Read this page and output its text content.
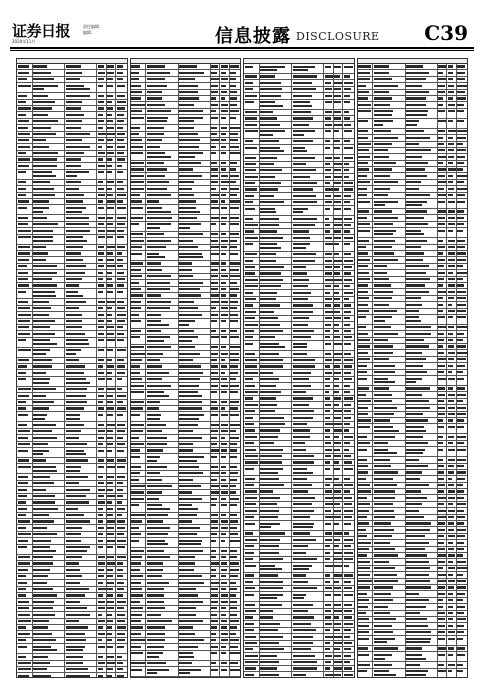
证券日报	责任编辑：
编辑：
2020年11月	信息披露 DISCLOSURE C39
